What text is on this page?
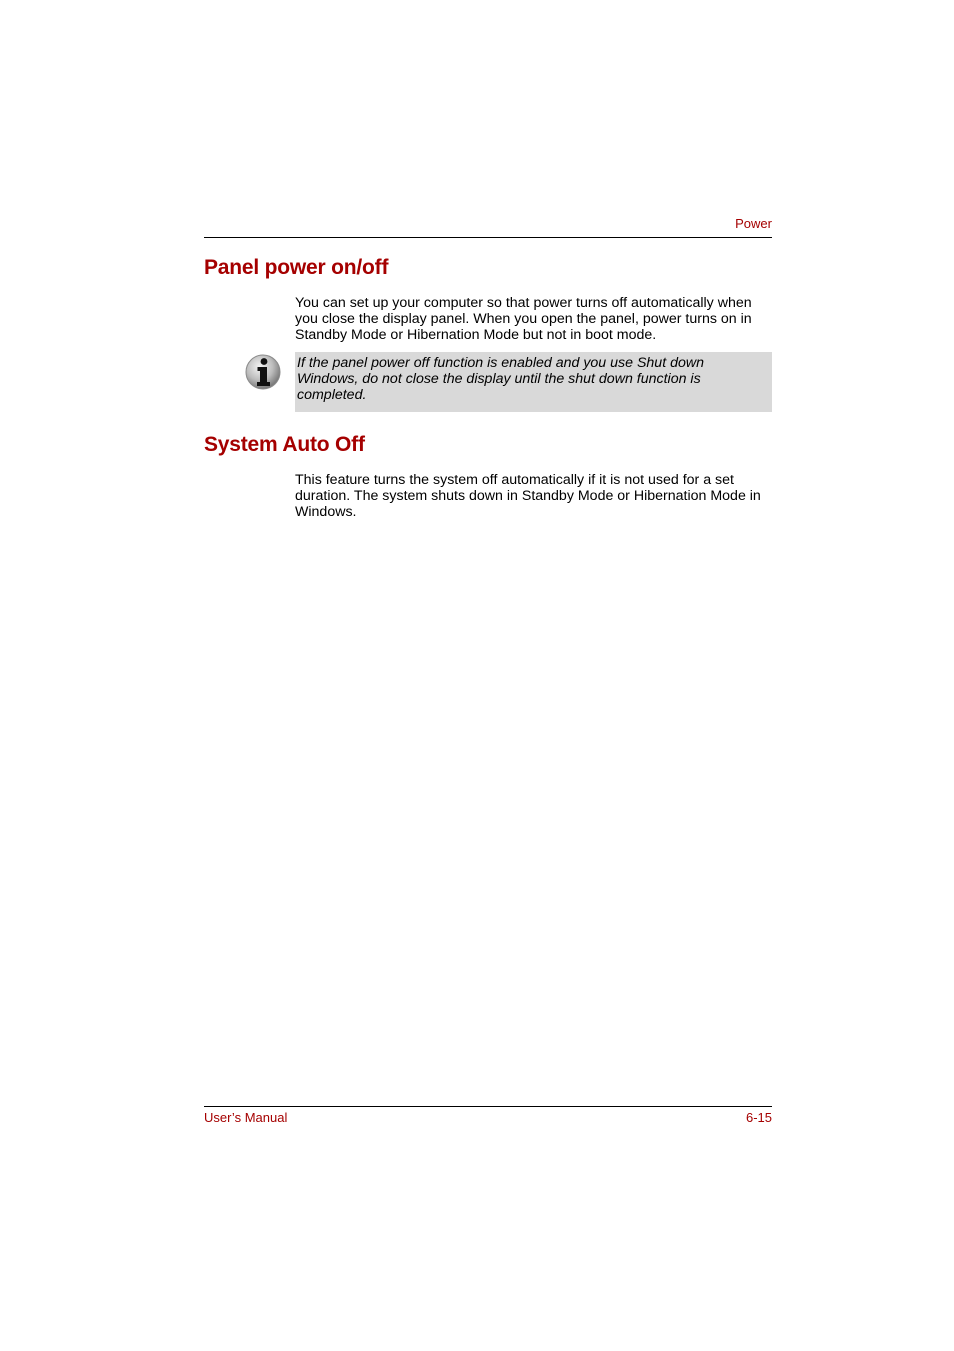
Power
Panel power on/off

You can set up your computer so that power turns off automatically when you close the display panel. When you open the panel, power turns on in Standby Mode or Hibernation Mode but not in boot mode.

If the panel power off function is enabled and you use Shut down Windows, do not close the display until the shut down function is completed.

System Auto Off

This feature turns the system off automatically if it is not used for a set duration. The system shuts down in Standby Mode or Hibernation Mode in Windows.

User’s Manual	6-15
